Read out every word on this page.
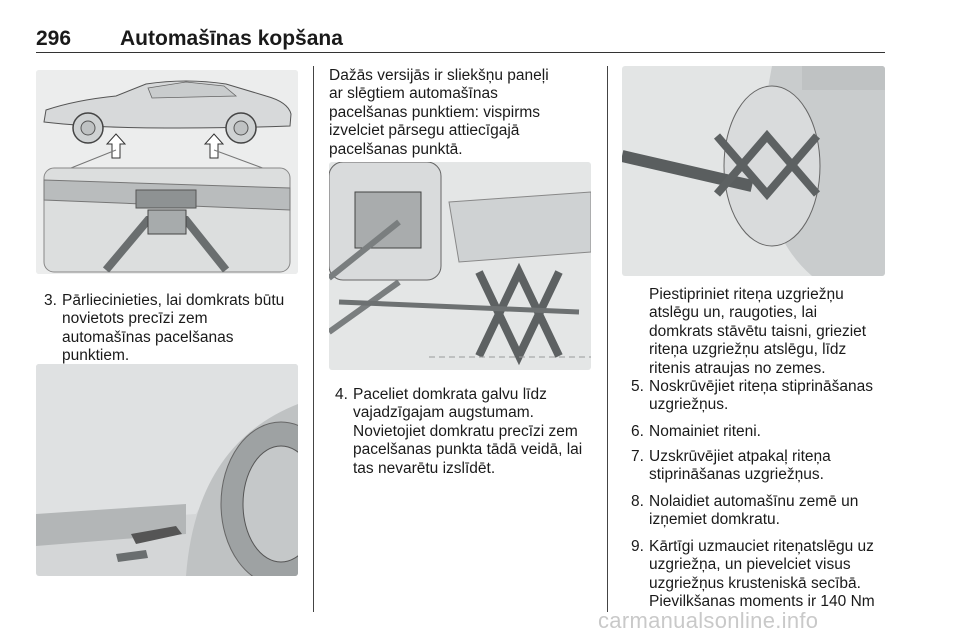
296 Automašīnas kopšana
3. Pārliecinieties, lai domkrats būtu
novietots precīzi zem
automašīnas pacelšanas
punktiem.
Dažās versijās ir sliekšņu paneļi
ar slēgtiem automašīnas
pacelšanas punktiem: vispirms
izvelciet pārsegu attiecīgajā
pacelšanas punktā.
4. Paceliet domkrata galvu līdz
vajadzīgajam augstumam.
Novietojiet domkratu precīzi zem
pacelšanas punkta tādā veidā, lai
tas nevarētu izslīdēt.
Piestipriniet riteņa uzgriežņu
atslēgu un, raugoties, lai
domkrats stāvētu taisni, grieziet
riteņa uzgriežņu atslēgu, līdz
ritenis atraujas no zemes.
5. Noskrūvējiet riteņa stiprināšanas
uzgriežņus.
6. Nomainiet riteni.
7. Uzskrūvējiet atpakaļ riteņa
stiprināšanas uzgriežņus.
8. Nolaidiet automašīnu zemē un
izņemiet domkratu.
9. Kārtīgi uzmauciet riteņatslēgu uz
uzgriežņa, un pievelciet visus
uzgriežņus krusteniskā secībā.
Pievilkšanas moments ir 140 Nm
carmanualsonline.info
